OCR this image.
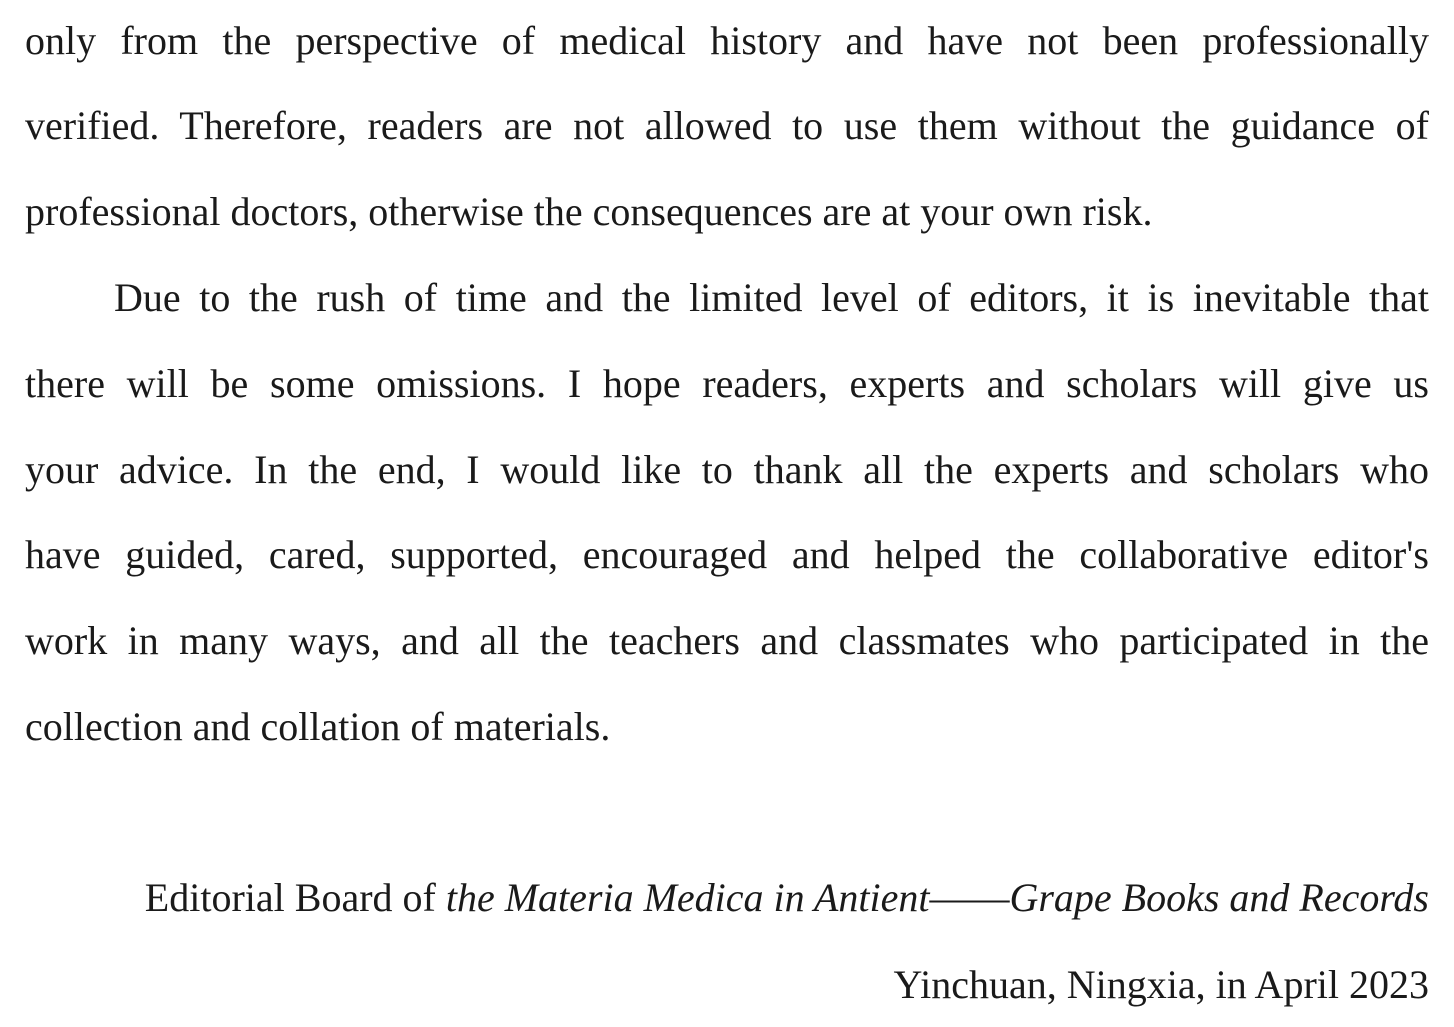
only from the perspective of medical history and have not been professionally
verified. Therefore, readers are not allowed to use them without the guidance of
professional doctors, otherwise the consequences are at your own risk.
Due to the rush of time and the limited level of editors, it is inevitable that
there will be some omissions. I hope readers, experts and scholars will give us
your advice. In the end, I would like to thank all the experts and scholars who
have guided, cared, supported, encouraged and helped the collaborative editor's
work in many ways, and all the teachers and classmates who participated in the
collection and collation of materials.
Editorial Board of the Materia Medica in Antient——Grape Books and Records
Yinchuan, Ningxia, in April 2023
